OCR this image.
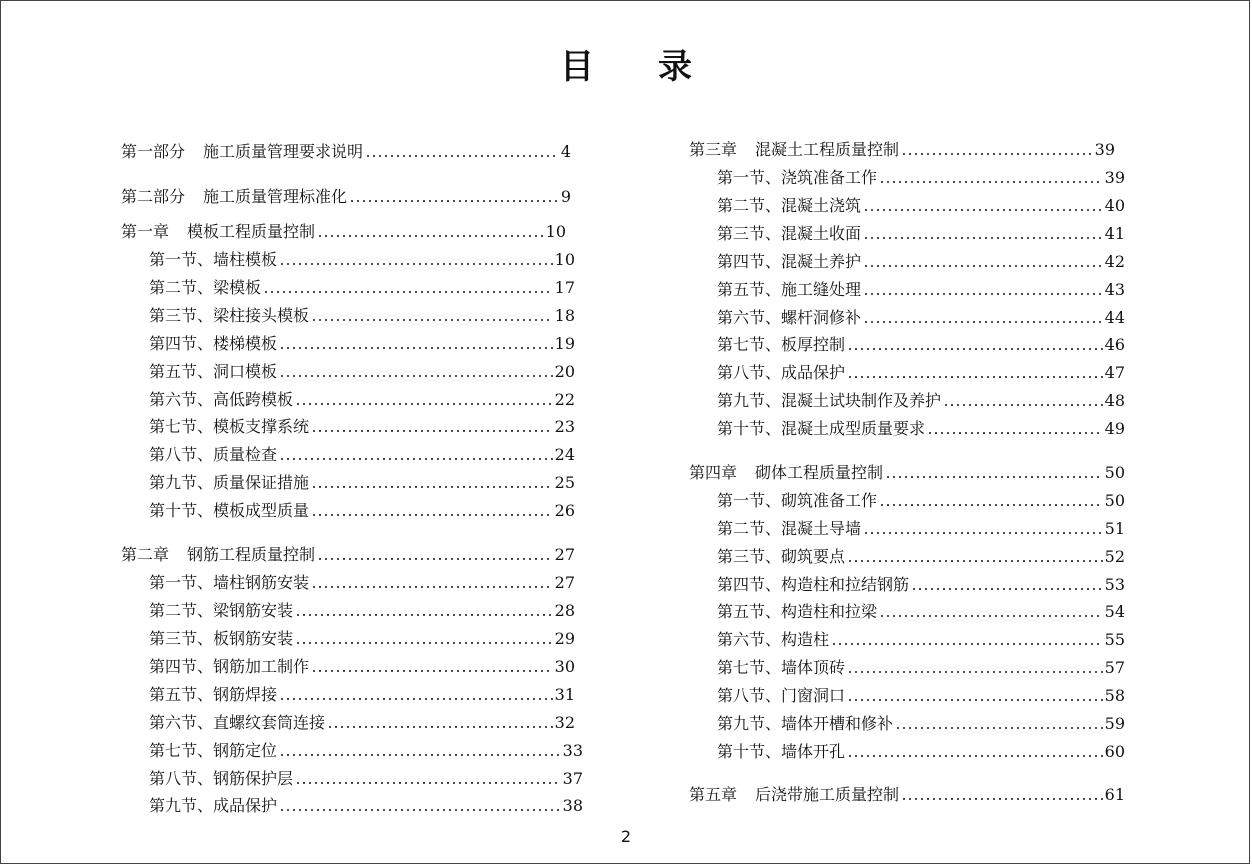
目 录
第一部分 施工质量管理要求说明	4
第二部分 施工质量管理标准化	9
第一章 模板工程质量控制	10
第一节、墙柱模板	10
第二节、梁模板	17
第三节、梁柱接头模板	18
第四节、楼梯模板	19
第五节、洞口模板	20
第六节、高低跨模板	22
第七节、模板支撑系统	23
第八节、质量检查	24
第九节、质量保证措施	25
第十节、模板成型质量	26
第二章 钢筋工程质量控制	27
第一节、墙柱钢筋安装	27
第二节、梁钢筋安装	28
第三节、板钢筋安装	29
第四节、钢筋加工制作	30
第五节、钢筋焊接	31
第六节、直螺纹套筒连接	32
第七节、钢筋定位	33
第八节、钢筋保护层	37
第九节、成品保护	38
第三章 混凝土工程质量控制	39
第一节、浇筑准备工作	39
第二节、混凝土浇筑	40
第三节、混凝土收面	41
第四节、混凝土养护	42
第五节、施工缝处理	43
第六节、螺杆洞修补	44
第七节、板厚控制	46
第八节、成品保护	47
第九节、混凝土试块制作及养护	48
第十节、混凝土成型质量要求	49
第四章 砌体工程质量控制	50
第一节、砌筑准备工作	50
第二节、混凝土导墙	51
第三节、砌筑要点	52
第四节、构造柱和拉结钢筋	53
第五节、构造柱和拉梁	54
第六节、构造柱	55
第七节、墙体顶砖	57
第八节、门窗洞口	58
第九节、墙体开槽和修补	59
第十节、墙体开孔	60
第五章 后浇带施工质量控制	61
2
